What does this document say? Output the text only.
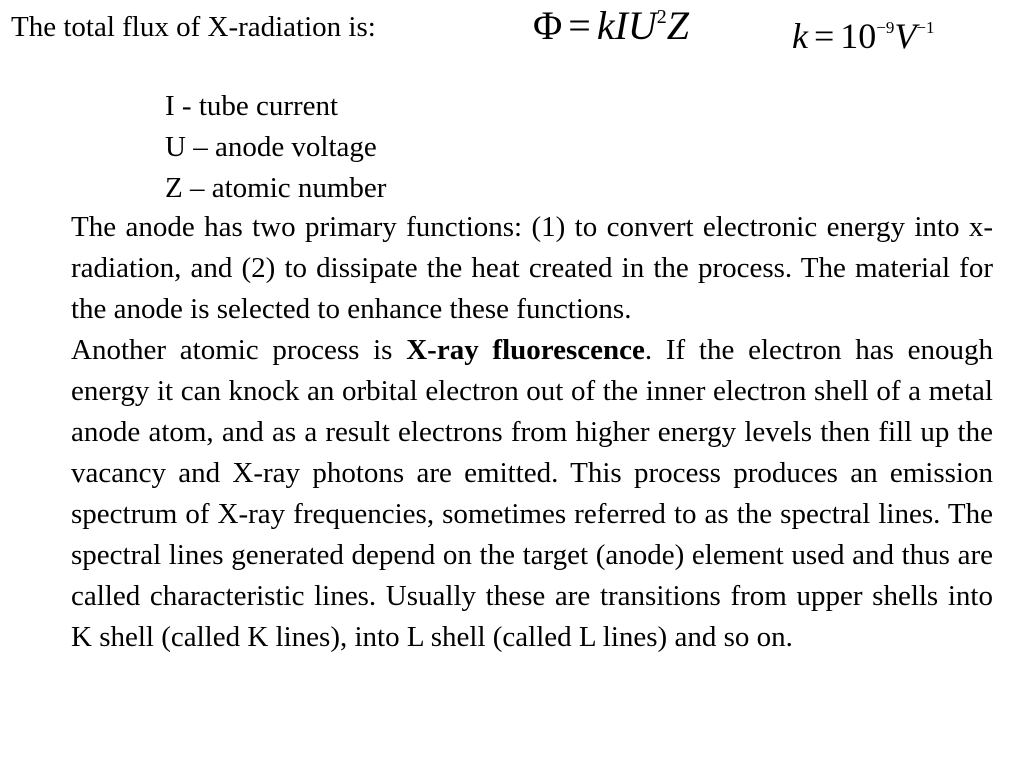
The total flux of X-radiation is:	Φ = kIU$^2$Z	$k = 10^{-9}V^{-1}$
I - tube current
U – anode voltage
Z – atomic number

The anode has two primary functions: (1) to convert electronic energy into x-radiation, and (2) to dissipate the heat created in the process. The material for the anode is selected to enhance these functions.

Another atomic process is X-ray fluorescence. If the electron has enough energy it can knock an orbital electron out of the inner electron shell of a metal anode atom, and as a result electrons from higher energy levels then fill up the vacancy and X-ray photons are emitted. This process produces an emission spectrum of X-ray frequencies, sometimes referred to as the spectral lines. The spectral lines generated depend on the target (anode) element used and thus are called characteristic lines. Usually these are transitions from upper shells into K shell (called K lines), into L shell (called L lines) and so on.
